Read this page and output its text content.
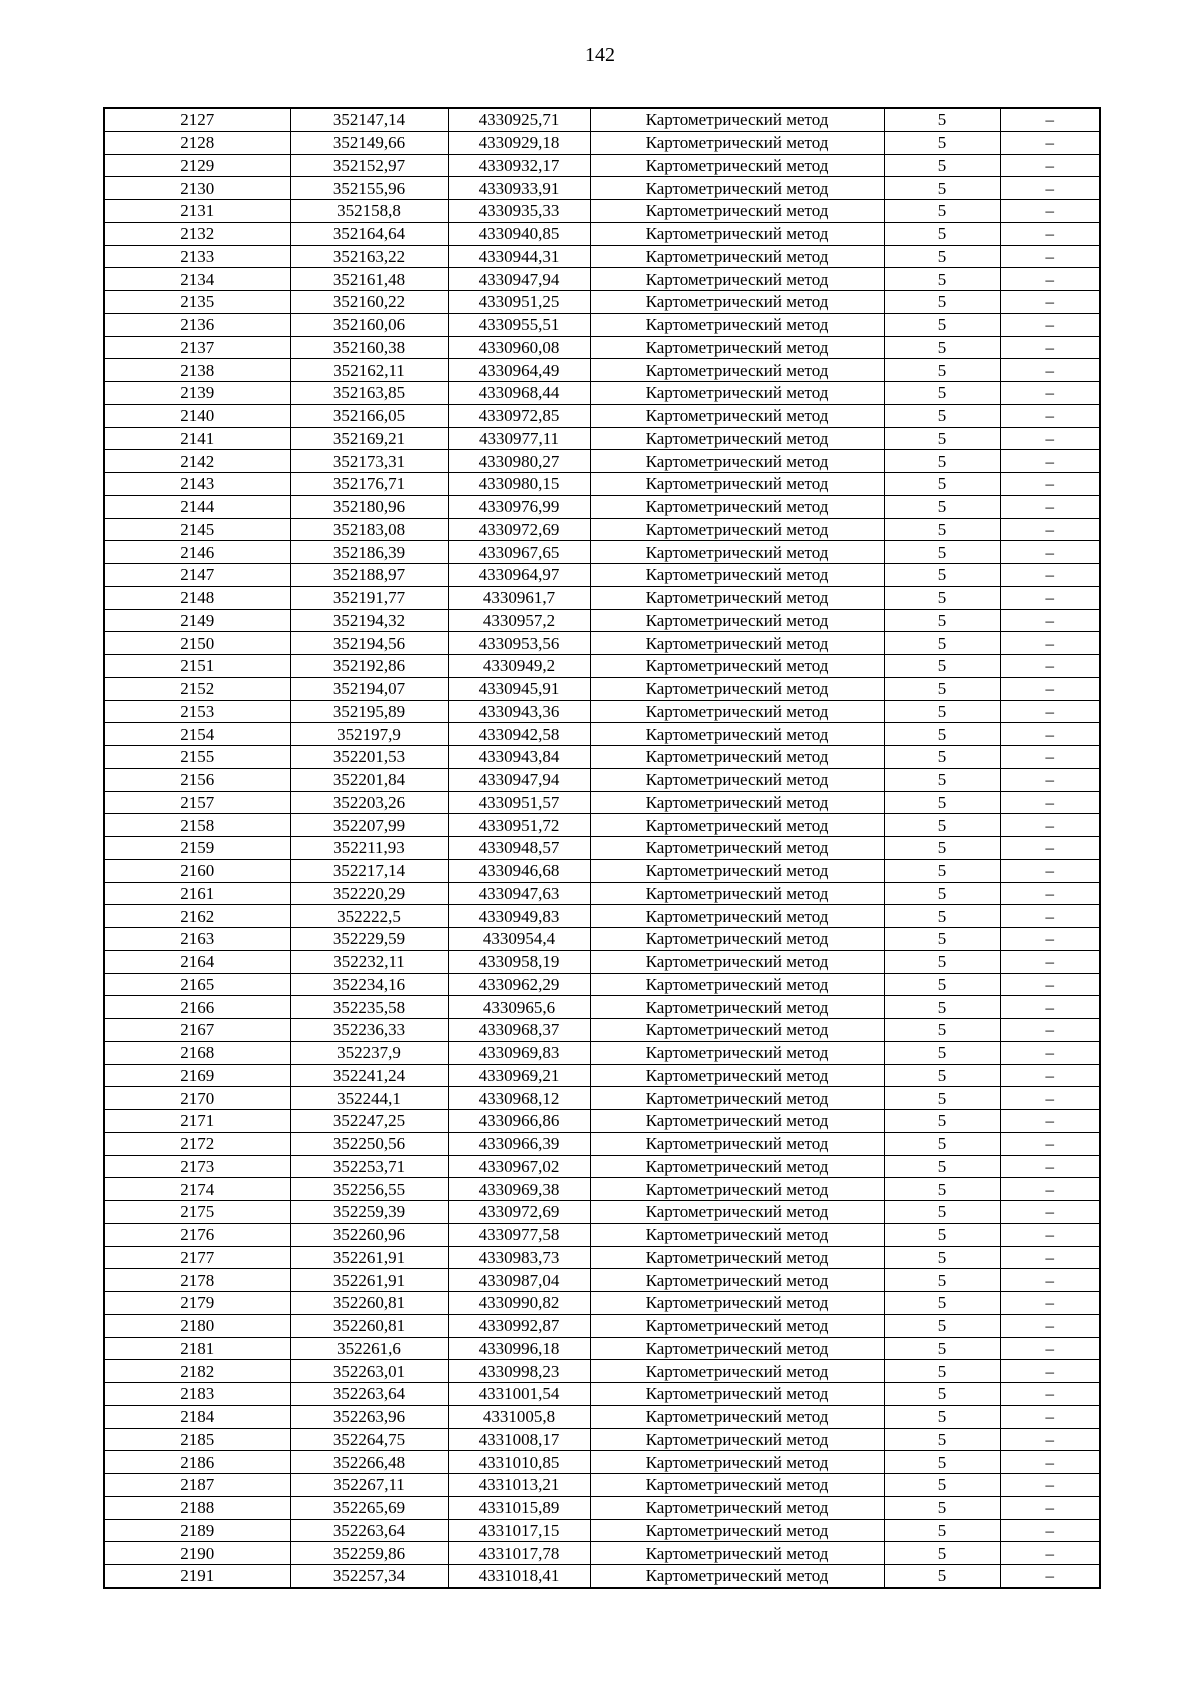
142
2127	352147,14	4330925,71	Картометрический метод	5	–
2128	352149,66	4330929,18	Картометрический метод	5	–
2129	352152,97	4330932,17	Картометрический метод	5	–
2130	352155,96	4330933,91	Картометрический метод	5	–
2131	352158,8	4330935,33	Картометрический метод	5	–
2132	352164,64	4330940,85	Картометрический метод	5	–
2133	352163,22	4330944,31	Картометрический метод	5	–
2134	352161,48	4330947,94	Картометрический метод	5	–
2135	352160,22	4330951,25	Картометрический метод	5	–
2136	352160,06	4330955,51	Картометрический метод	5	–
2137	352160,38	4330960,08	Картометрический метод	5	–
2138	352162,11	4330964,49	Картометрический метод	5	–
2139	352163,85	4330968,44	Картометрический метод	5	–
2140	352166,05	4330972,85	Картометрический метод	5	–
2141	352169,21	4330977,11	Картометрический метод	5	–
2142	352173,31	4330980,27	Картометрический метод	5	–
2143	352176,71	4330980,15	Картометрический метод	5	–
2144	352180,96	4330976,99	Картометрический метод	5	–
2145	352183,08	4330972,69	Картометрический метод	5	–
2146	352186,39	4330967,65	Картометрический метод	5	–
2147	352188,97	4330964,97	Картометрический метод	5	–
2148	352191,77	4330961,7	Картометрический метод	5	–
2149	352194,32	4330957,2	Картометрический метод	5	–
2150	352194,56	4330953,56	Картометрический метод	5	–
2151	352192,86	4330949,2	Картометрический метод	5	–
2152	352194,07	4330945,91	Картометрический метод	5	–
2153	352195,89	4330943,36	Картометрический метод	5	–
2154	352197,9	4330942,58	Картометрический метод	5	–
2155	352201,53	4330943,84	Картометрический метод	5	–
2156	352201,84	4330947,94	Картометрический метод	5	–
2157	352203,26	4330951,57	Картометрический метод	5	–
2158	352207,99	4330951,72	Картометрический метод	5	–
2159	352211,93	4330948,57	Картометрический метод	5	–
2160	352217,14	4330946,68	Картометрический метод	5	–
2161	352220,29	4330947,63	Картометрический метод	5	–
2162	352222,5	4330949,83	Картометрический метод	5	–
2163	352229,59	4330954,4	Картометрический метод	5	–
2164	352232,11	4330958,19	Картометрический метод	5	–
2165	352234,16	4330962,29	Картометрический метод	5	–
2166	352235,58	4330965,6	Картометрический метод	5	–
2167	352236,33	4330968,37	Картометрический метод	5	–
2168	352237,9	4330969,83	Картометрический метод	5	–
2169	352241,24	4330969,21	Картометрический метод	5	–
2170	352244,1	4330968,12	Картометрический метод	5	–
2171	352247,25	4330966,86	Картометрический метод	5	–
2172	352250,56	4330966,39	Картометрический метод	5	–
2173	352253,71	4330967,02	Картометрический метод	5	–
2174	352256,55	4330969,38	Картометрический метод	5	–
2175	352259,39	4330972,69	Картометрический метод	5	–
2176	352260,96	4330977,58	Картометрический метод	5	–
2177	352261,91	4330983,73	Картометрический метод	5	–
2178	352261,91	4330987,04	Картометрический метод	5	–
2179	352260,81	4330990,82	Картометрический метод	5	–
2180	352260,81	4330992,87	Картометрический метод	5	–
2181	352261,6	4330996,18	Картометрический метод	5	–
2182	352263,01	4330998,23	Картометрический метод	5	–
2183	352263,64	4331001,54	Картометрический метод	5	–
2184	352263,96	4331005,8	Картометрический метод	5	–
2185	352264,75	4331008,17	Картометрический метод	5	–
2186	352266,48	4331010,85	Картометрический метод	5	–
2187	352267,11	4331013,21	Картометрический метод	5	–
2188	352265,69	4331015,89	Картометрический метод	5	–
2189	352263,64	4331017,15	Картометрический метод	5	–
2190	352259,86	4331017,78	Картометрический метод	5	–
2191	352257,34	4331018,41	Картометрический метод	5	–
